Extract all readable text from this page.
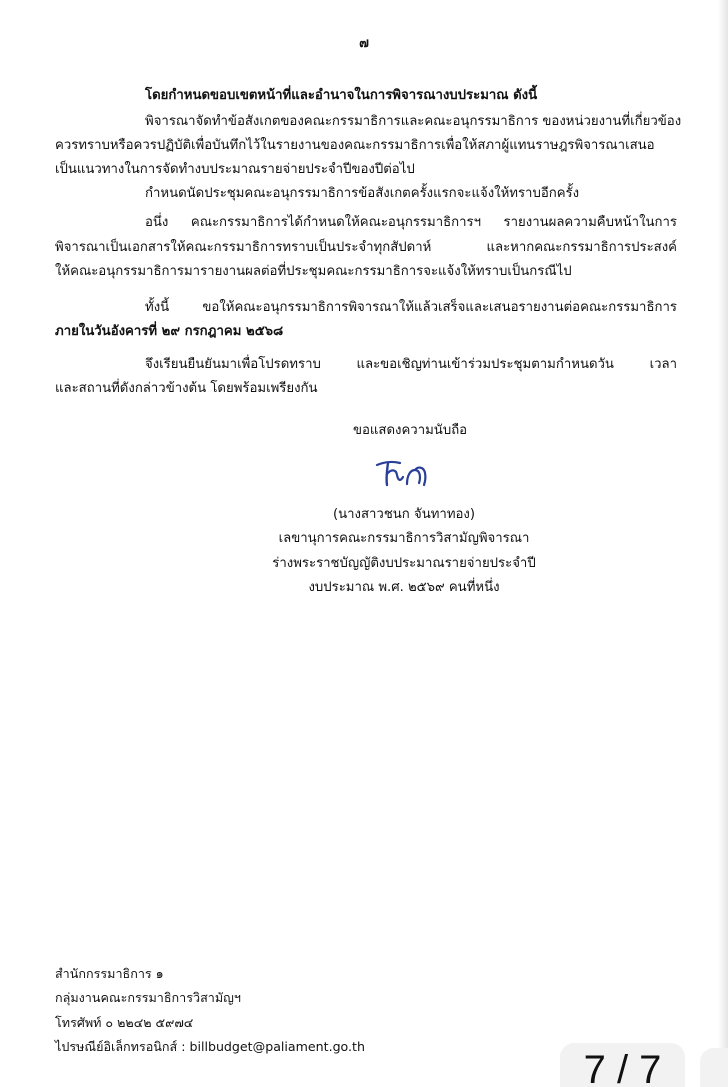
๗
โดยกำหนดขอบเขตหน้าที่และอำนาจในการพิจารณางบประมาณ ดังนี้
พิจารณาจัดทำข้อสังเกตของคณะกรรมาธิการและคณะอนุกรรมาธิการ ของหน่วยงานที่เกี่ยวข้อง
ควรทราบหรือควรปฏิบัติเพื่อบันทึกไว้ในรายงานของคณะกรรมาธิการเพื่อให้สภาผู้แทนราษฎรพิจารณาเสนอ
เป็นแนวทางในการจัดทำงบประมาณรายจ่ายประจำปีของปีต่อไป
กำหนดนัดประชุมคณะอนุกรรมาธิการข้อสังเกตครั้งแรกจะแจ้งให้ทราบอีกครั้ง
อนึ่ง คณะกรรมาธิการได้กำหนดให้คณะอนุกรรมาธิการฯ รายงานผลความคืบหน้าในการ
พิจารณาเป็นเอกสารให้คณะกรรมาธิการทราบเป็นประจำทุกสัปดาห์ และหากคณะกรรมาธิการประสงค์
ให้คณะอนุกรรมาธิการมารายงานผลต่อที่ประชุมคณะกรรมาธิการจะแจ้งให้ทราบเป็นกรณีไป
ทั้งนี้ ขอให้คณะอนุกรรมาธิการพิจารณาให้แล้วเสร็จและเสนอรายงานต่อคณะกรรมาธิการ
ภายในวันอังคารที่ ๒๙ กรกฎาคม ๒๕๖๘
จึงเรียนยืนยันมาเพื่อโปรดทราบ และขอเชิญท่านเข้าร่วมประชุมตามกำหนดวัน เวลา
และสถานที่ดังกล่าวข้างต้น โดยพร้อมเพรียงกัน
ขอแสดงความนับถือ
(นางสาวชนก จันทาทอง)
เลขานุการคณะกรรมาธิการวิสามัญพิจารณา
ร่างพระราชบัญญัติงบประมาณรายจ่ายประจำปี
งบประมาณ พ.ศ. ๒๕๖๙ คนที่หนึ่ง
สำนักกรรมาธิการ ๑
กลุ่มงานคณะกรรมาธิการวิสามัญฯ
โทรศัพท์ ๐ ๒๒๔๒ ๕๙๗๔
ไปรษณีย์อิเล็กทรอนิกส์ : billbudget@paliament.go.th
7 / 7
